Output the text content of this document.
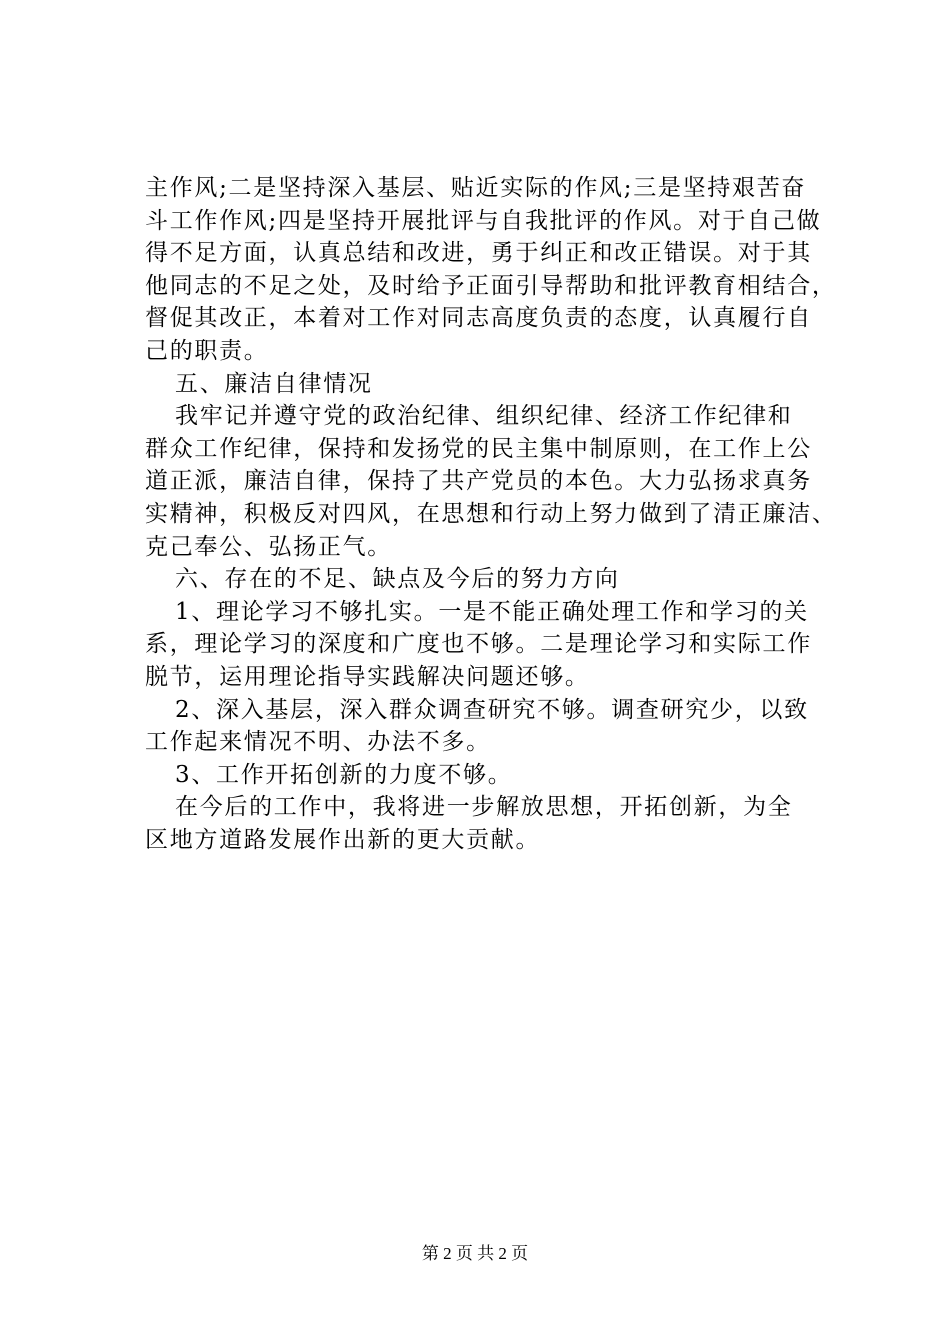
主作风;二是坚持深入基层、贴近实际的作风;三是坚持艰苦奋
斗工作作风;四是坚持开展批评与自我批评的作风。对于自己做
得不足方面，认真总结和改进，勇于纠正和改正错误。对于其
他同志的不足之处，及时给予正面引导帮助和批评教育相结合，
督促其改正，本着对工作对同志高度负责的态度，认真履行自
己的职责。
五、廉洁自律情况
我牢记并遵守党的政治纪律、组织纪律、经济工作纪律和
群众工作纪律，保持和发扬党的民主集中制原则，在工作上公
道正派，廉洁自律，保持了共产党员的本色。大力弘扬求真务
实精神，积极反对四风，在思想和行动上努力做到了清正廉洁、
克己奉公、弘扬正气。
六、存在的不足、缺点及今后的努力方向
1、理论学习不够扎实。一是不能正确处理工作和学习的关
系，理论学习的深度和广度也不够。二是理论学习和实际工作
脱节，运用理论指导实践解决问题还够。
2、深入基层，深入群众调查研究不够。调查研究少，以致
工作起来情况不明、办法不多。
3、工作开拓创新的力度不够。
在今后的工作中，我将进一步解放思想，开拓创新，为全
区地方道路发展作出新的更大贡献。
第 2 页 共 2 页
